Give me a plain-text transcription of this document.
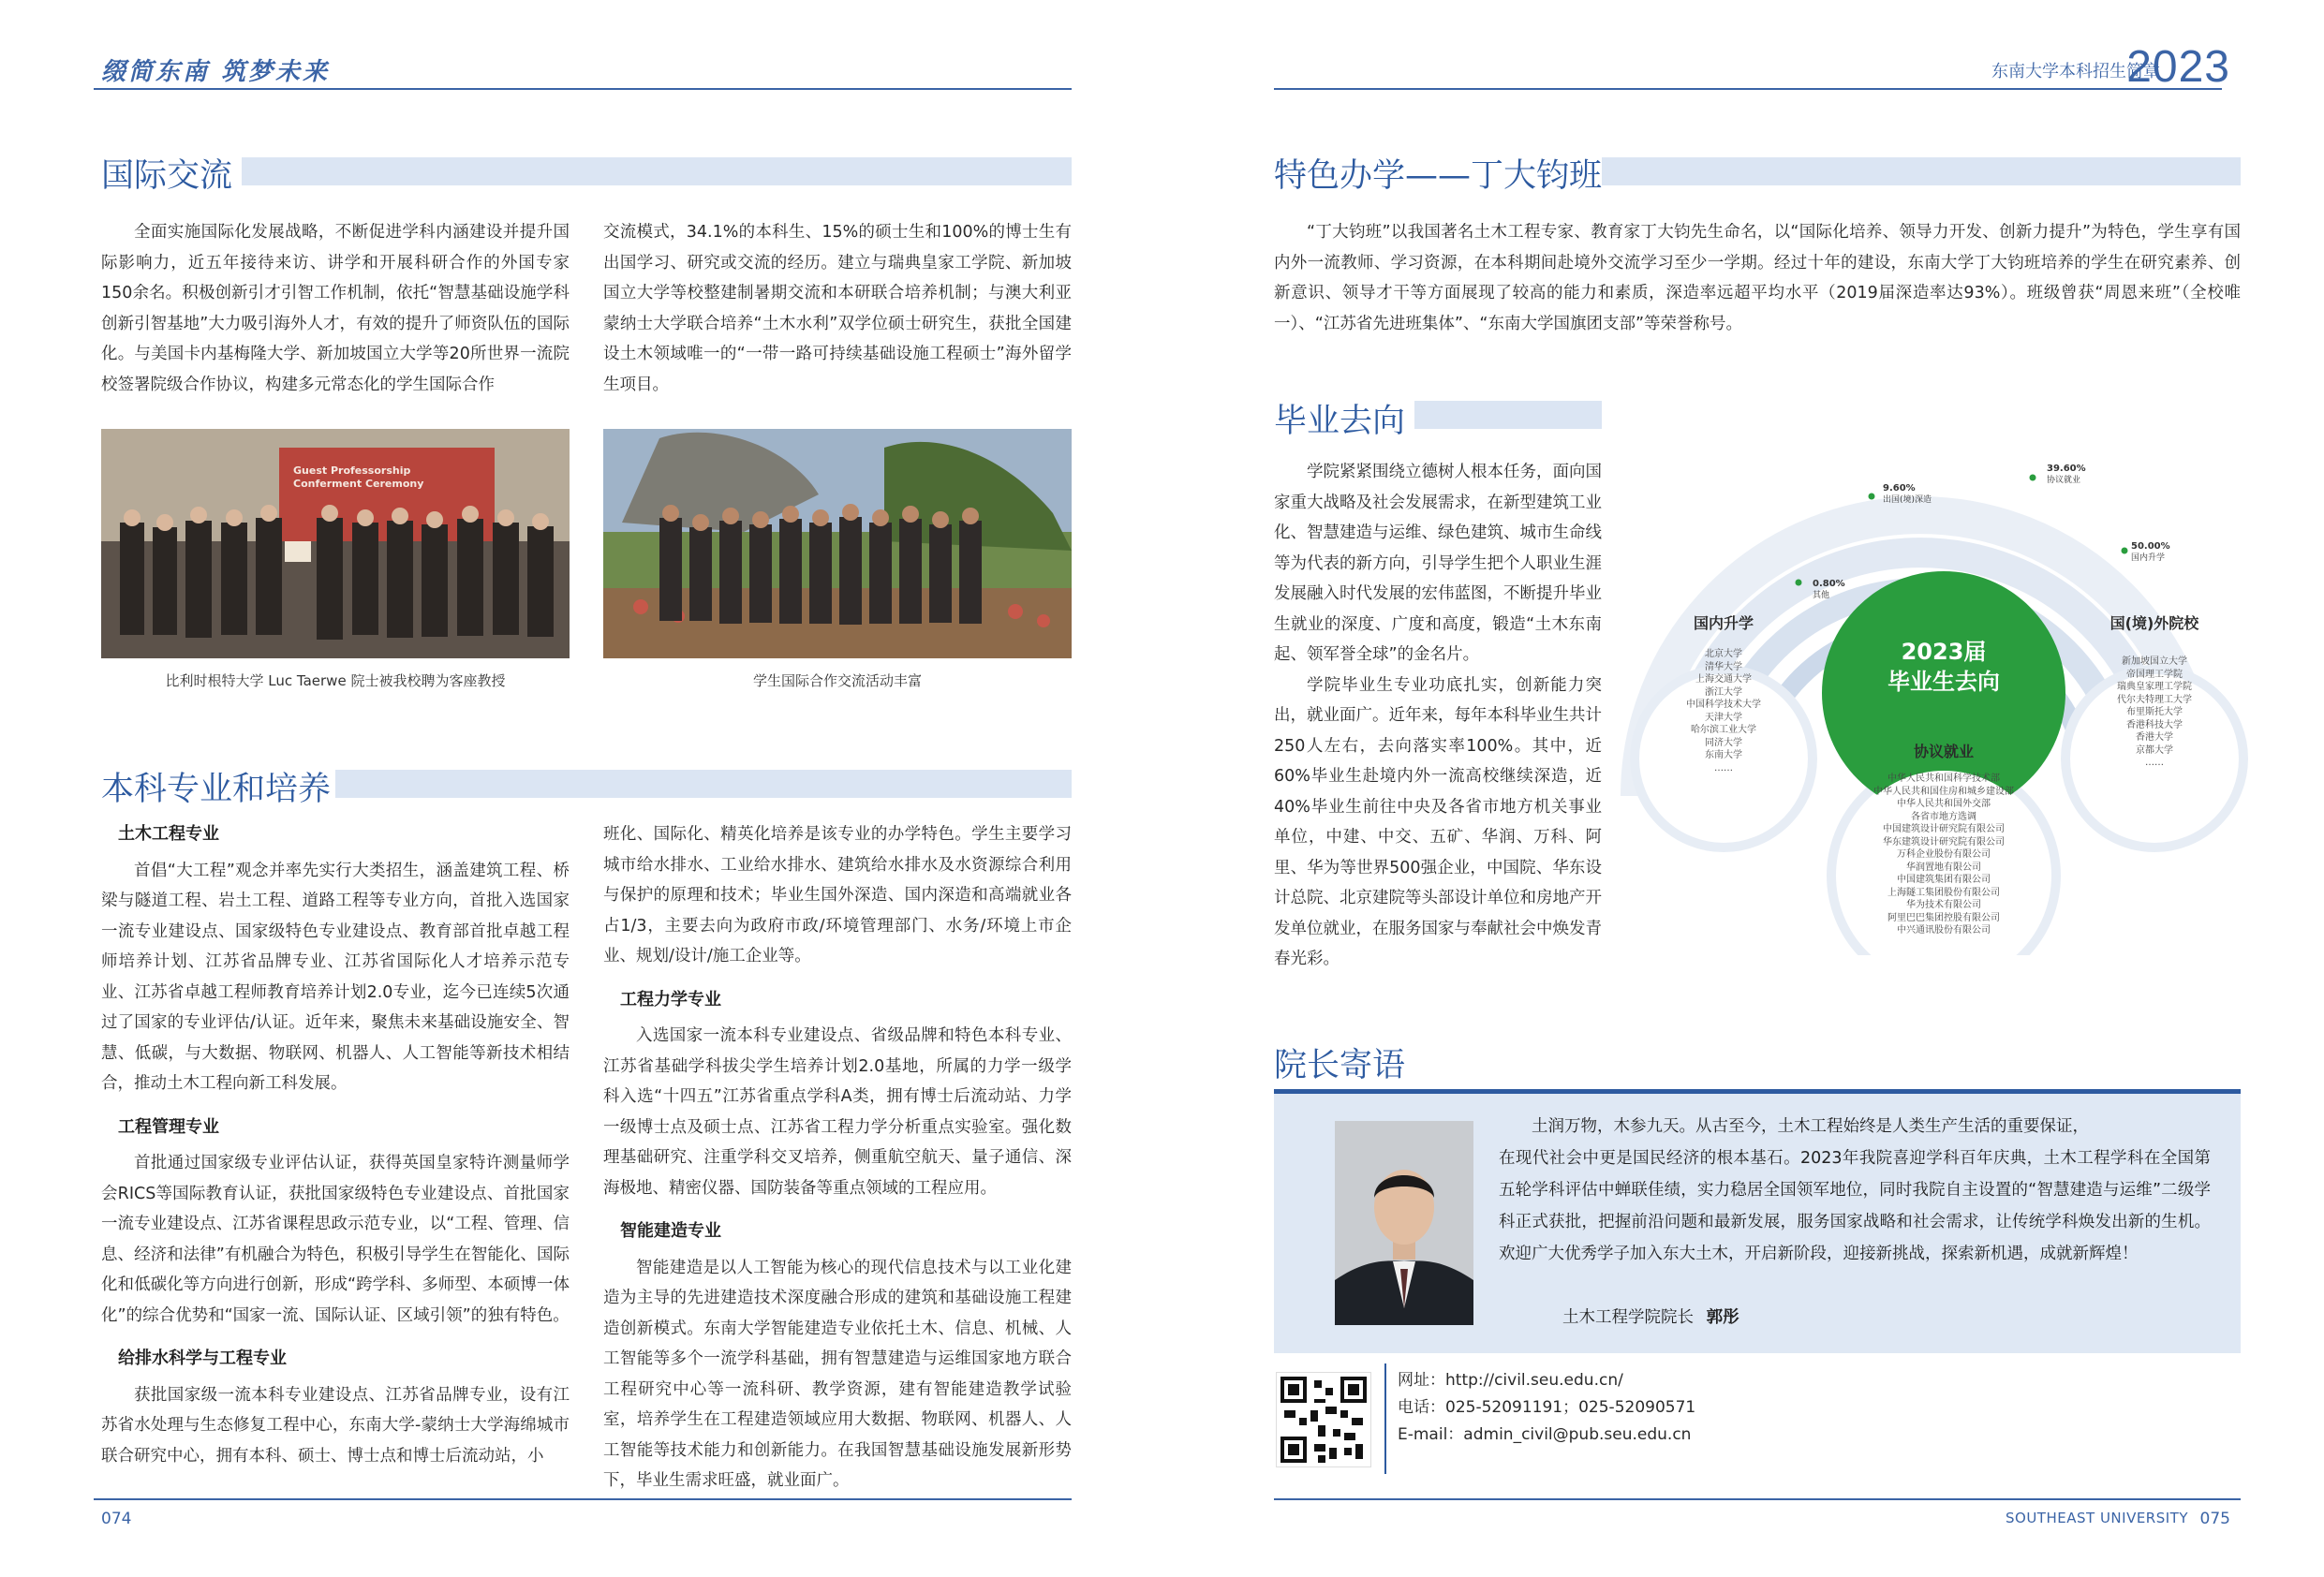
缀简东南 筑梦未来	东南大学本科招生简章
2023
国际交流

全面实施国际化发展战略，不断促进学科内涵建设并提升国际影响力，近五年接待来访、讲学和开展科研合作的外国专家150余名。积极创新引才引智工作机制，依托“智慧基础设施学科创新引智基地”大力吸引海外人才，有效的提升了师资队伍的国际化。与美国卡内基梅隆大学、新加坡国立大学等20所世界一流院校签署院级合作协议，构建多元常态化的学生国际合作

交流模式，34.1%的本科生、15%的硕士生和100%的博士生有出国学习、研究或交流的经历。建立与瑞典皇家工学院、新加坡国立大学等校整建制暑期交流和本研联合培养机制；与澳大利亚蒙纳士大学联合培养“土木水利”双学位硕士研究生，获批全国建设土木领域唯一的“一带一路可持续基础设施工程硕士”海外留学生项目。

Guest Professorship Conferment Ceremony
比利时根特大学 Luc Taerwe 院士被我校聘为客座教授	学生国际合作交流活动丰富
本科专业和培养
土木工程专业

首倡“大工程”观念并率先实行大类招生，涵盖建筑工程、桥梁与隧道工程、岩土工程、道路工程等专业方向，首批入选国家一流专业建设点、国家级特色专业建设点、教育部首批卓越工程师培养计划、江苏省品牌专业、江苏省国际化人才培养示范专业、江苏省卓越工程师教育培养计划2.0专业，迄今已连续5次通过了国家的专业评估/认证。近年来，聚焦未来基础设施安全、智慧、低碳，与大数据、物联网、机器人、人工智能等新技术相结合，推动土木工程向新工科发展。

工程管理专业

首批通过国家级专业评估认证，获得英国皇家特许测量师学会RICS等国际教育认证，获批国家级特色专业建设点、首批国家一流专业建设点、江苏省课程思政示范专业，以“工程、管理、信息、经济和法律”有机融合为特色，积极引导学生在智能化、国际化和低碳化等方向进行创新，形成“跨学科、多师型、本硕博一体化”的综合优势和“国家一流、国际认证、区域引领”的独有特色。

给排水科学与工程专业

获批国家级一流本科专业建设点、江苏省品牌专业，设有江苏省水处理与生态修复工程中心，东南大学-蒙纳士大学海绵城市联合研究中心，拥有本科、硕士、博士点和博士后流动站，小

班化、国际化、精英化培养是该专业的办学特色。学生主要学习城市给水排水、工业给水排水、建筑给水排水及水资源综合利用与保护的原理和技术；毕业生国外深造、国内深造和高端就业各占1/3，主要去向为政府市政/环境管理部门、水务/环境上市企业、规划/设计/施工企业等。

工程力学专业

入选国家一流本科专业建设点、省级品牌和特色本科专业、江苏省基础学科拔尖学生培养计划2.0基地，所属的力学一级学科入选“十四五”江苏省重点学科A类，拥有博士后流动站、力学一级博士点及硕士点、江苏省工程力学分析重点实验室。强化数理基础研究、注重学科交叉培养，侧重航空航天、量子通信、深海极地、精密仪器、国防装备等重点领域的工程应用。

智能建造专业

智能建造是以人工智能为核心的现代信息技术与以工业化建造为主导的先进建造技术深度融合形成的建筑和基础设施工程建造创新模式。东南大学智能建造专业依托土木、信息、机械、人工智能等多个一流学科基础，拥有智慧建造与运维国家地方联合工程研究中心等一流科研、教学资源，建有智能建造教学试验室，培养学生在工程建造领域应用大数据、物联网、机器人、人工智能等技术能力和创新能力。在我国智慧基础设施发展新形势下，毕业生需求旺盛，就业面广。

074
特色办学——丁大钧班

“丁大钧班”以我国著名土木工程专家、教育家丁大钧先生命名，以“国际化培养、领导力开发、创新力提升”为特色，学生享有国内外一流教师、学习资源，在本科期间赴境外交流学习至少一学期。经过十年的建设，东南大学丁大钧班培养的学生在研究素养、创新意识、领导才干等方面展现了较高的能力和素质，深造率远超平均水平（2019届深造率达93%）。班级曾获“周恩来班”（全校唯一）、“江苏省先进班集体”、“东南大学国旗团支部”等荣誉称号。

毕业去向

学院紧紧围绕立德树人根本任务，面向国家重大战略及社会发展需求，在新型建筑工业化、智慧建造与运维、绿色建筑、城市生命线等为代表的新方向，引导学生把个人职业生涯发展融入时代发展的宏伟蓝图，不断提升毕业生就业的深度、广度和高度，锻造“土木东南起、领军誉全球”的金名片。

学院毕业生专业功底扎实，创新能力突出，就业面广。近年来，每年本科毕业生共计250人左右，去向落实率100%。其中，近60%毕业生赴境内外一流高校继续深造，近40%毕业生前往中央及各省市地方机关事业单位，中建、中交、五矿、华润、万科、阿里、华为等世界500强企业，中国院、华东设计总院、北京建院等头部设计单位和房地产开发单位就业，在服务国家与奉献社会中焕发青春光彩。

2023届
毕业生去向
0.80%
其他
9.60%
出国(境)深造
39.60%
协议就业
50.00%
国内升学
国内升学
北京大学
清华大学
上海交通大学
浙江大学
中国科学技术大学
天津大学
哈尔滨工业大学
同济大学
东南大学
……
国(境)外院校
新加坡国立大学
帝国理工学院
瑞典皇家理工学院
代尔夫特理工大学
布里斯托大学
香港科技大学
香港大学
京都大学
……
协议就业
中华人民共和国科学技术部
中华人民共和国住房和城乡建设部
中华人民共和国外交部
各省市地方选调
中国建筑设计研究院有限公司
华东建筑设计研究院有限公司
万科企业股份有限公司
华润置地有限公司
中国建筑集团有限公司
上海隧工集团股份有限公司
华为技术有限公司
阿里巴巴集团控股有限公司
中兴通讯股份有限公司
院长寄语
土润万物，木参九天。从古至今，土木工程始终是人类生产生活的重要保证，
在现代社会中更是国民经济的根本基石。2023年我院喜迎学科百年庆典，土木工程学科在全国第五轮学科评估中蝉联佳绩，实力稳居全国领军地位，同时我院自主设置的“智慧建造与运维”二级学科正式获批，把握前沿问题和最新发展，服务国家战略和社会需求，让传统学科焕发出新的生机。欢迎广大优秀学子加入东大土木，开启新阶段，迎接新挑战，探索新机遇，成就新辉煌！
土木工程学院院长 郭彤
网址：http://civil.seu.edu.cn/
电话：025-52091191；025-52090571
E-mail：admin_civil@pub.seu.edu.cn
SOUTHEAST UNIVERSITY 075
